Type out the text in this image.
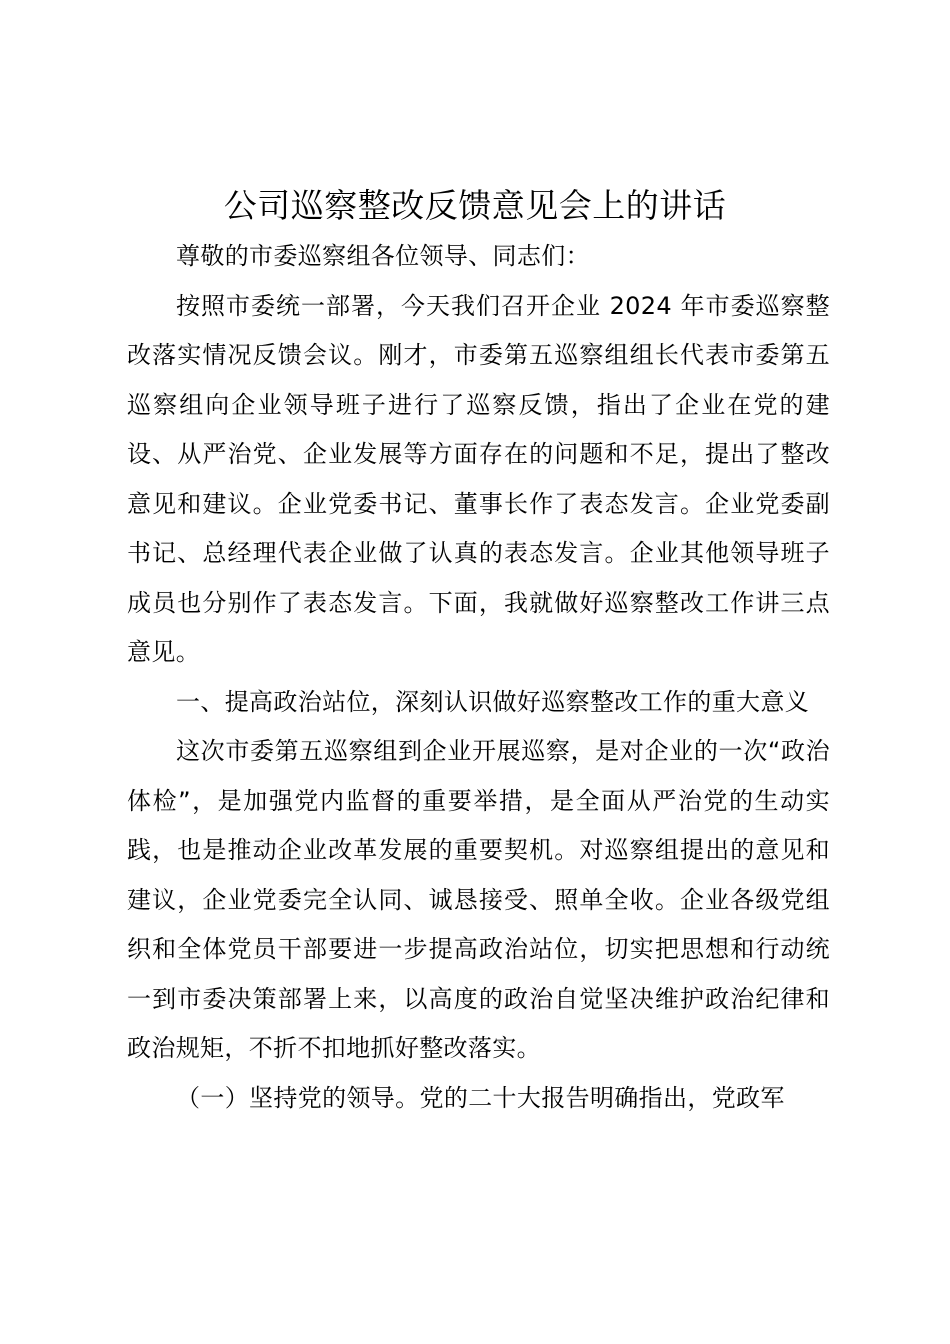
公司巡察整改反馈意见会上的讲话

尊敬的市委巡察组各位领导、同志们：

按照市委统一部署，今天我们召开企业 2024 年市委巡察整改落实情况反馈会议。刚才，市委第五巡察组组长代表市委第五巡察组向企业领导班子进行了巡察反馈，指出了企业在党的建设、从严治党、企业发展等方面存在的问题和不足，提出了整改意见和建议。企业党委书记、董事长作了表态发言。企业党委副书记、总经理代表企业做了认真的表态发言。企业其他领导班子成员也分别作了表态发言。下面，我就做好巡察整改工作讲三点意见。

一、提高政治站位，深刻认识做好巡察整改工作的重大意义

这次市委第五巡察组到企业开展巡察，是对企业的一次“政治体检”，是加强党内监督的重要举措，是全面从严治党的生动实践，也是推动企业改革发展的重要契机。对巡察组提出的意见和建议，企业党委完全认同、诚恳接受、照单全收。企业各级党组织和全体党员干部要进一步提高政治站位，切实把思想和行动统一到市委决策部署上来，以高度的政治自觉坚决维护政治纪律和政治规矩，不折不扣地抓好整改落实。

（一）坚持党的领导。党的二十大报告明确指出，党政军
